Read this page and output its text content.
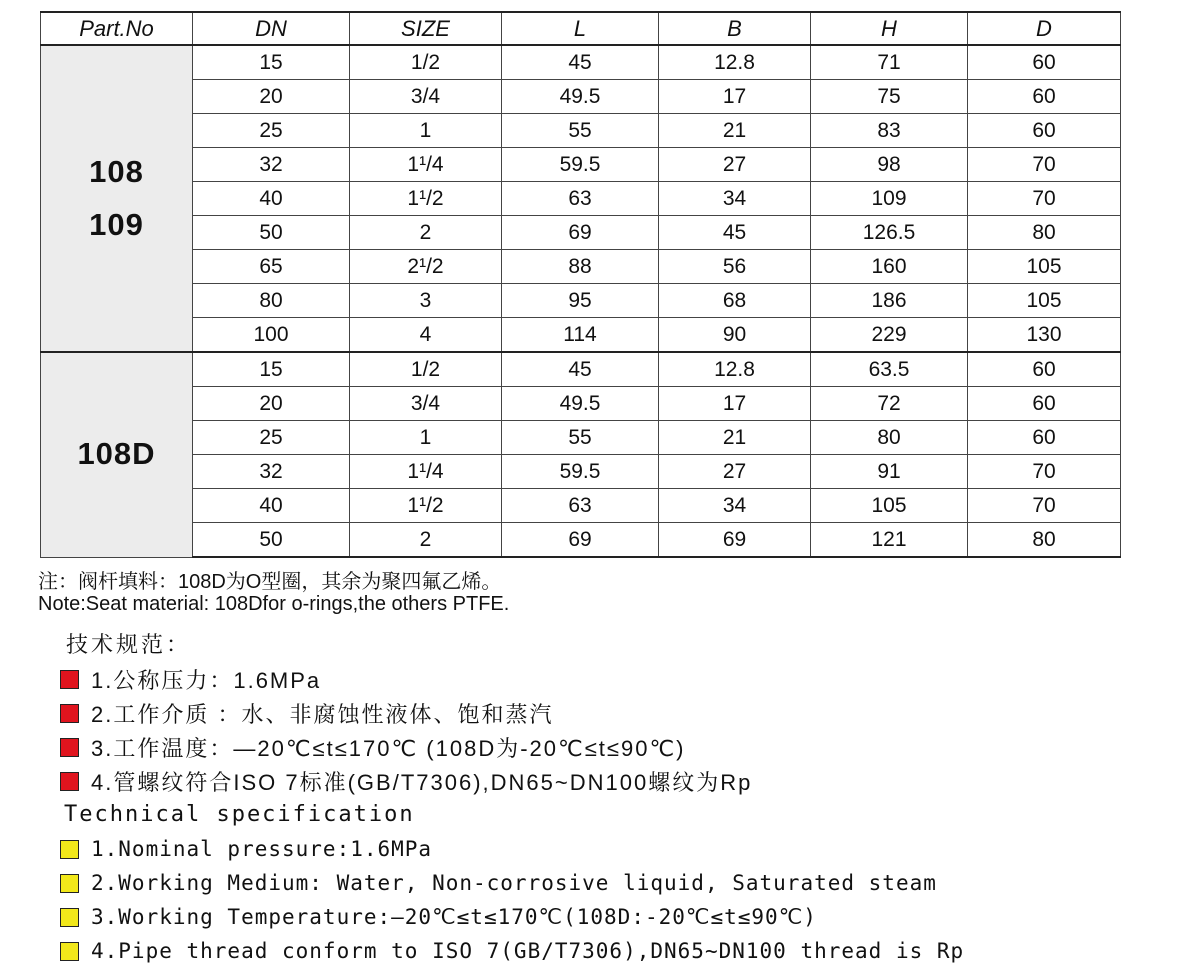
Part.No	DN	SIZE	L	B	H	D
108
109	15	1/2	45	12.8	71	60
	20	3/4	49.5	17	75	60
	25	1	55	21	83	60
	32	1¹/4	59.5	27	98	70
	40	1¹/2	63	34	109	70
	50	2	69	45	126.5	80
	65	2¹/2	88	56	160	105
	80	3	95	68	186	105
	100	4	114	90	229	130
108D	15	1/2	45	12.8	63.5	60
	20	3/4	49.5	17	72	60
	25	1	55	21	80	60
	32	1¹/4	59.5	27	91	70
	40	1¹/2	63	34	105	70
	50	2	69	69	121	80
注：阀杆填料：108D为O型圈，其余为聚四氟乙烯。
Note:Seat material: 108Dfor o-rings,the others PTFE.
技术规范：
1.公称压力：1.6MPa
2.工作介质 ：水、非腐蚀性液体、饱和蒸汽
3.工作温度：—20℃≤t≤170℃ (108D为-20℃≤t≤90℃)
4.管螺纹符合ISO 7标准(GB/T7306),DN65~DN100螺纹为Rp
Technical specification
1.Nominal pressure:1.6MPa
2.Working Medium: Water, Non-corrosive liquid, Saturated steam
3.Working Temperature:—20℃≤t≤170℃(108D:-20℃≤t≤90℃)
4.Pipe thread conform to ISO 7(GB/T7306),DN65~DN100 thread is Rp
